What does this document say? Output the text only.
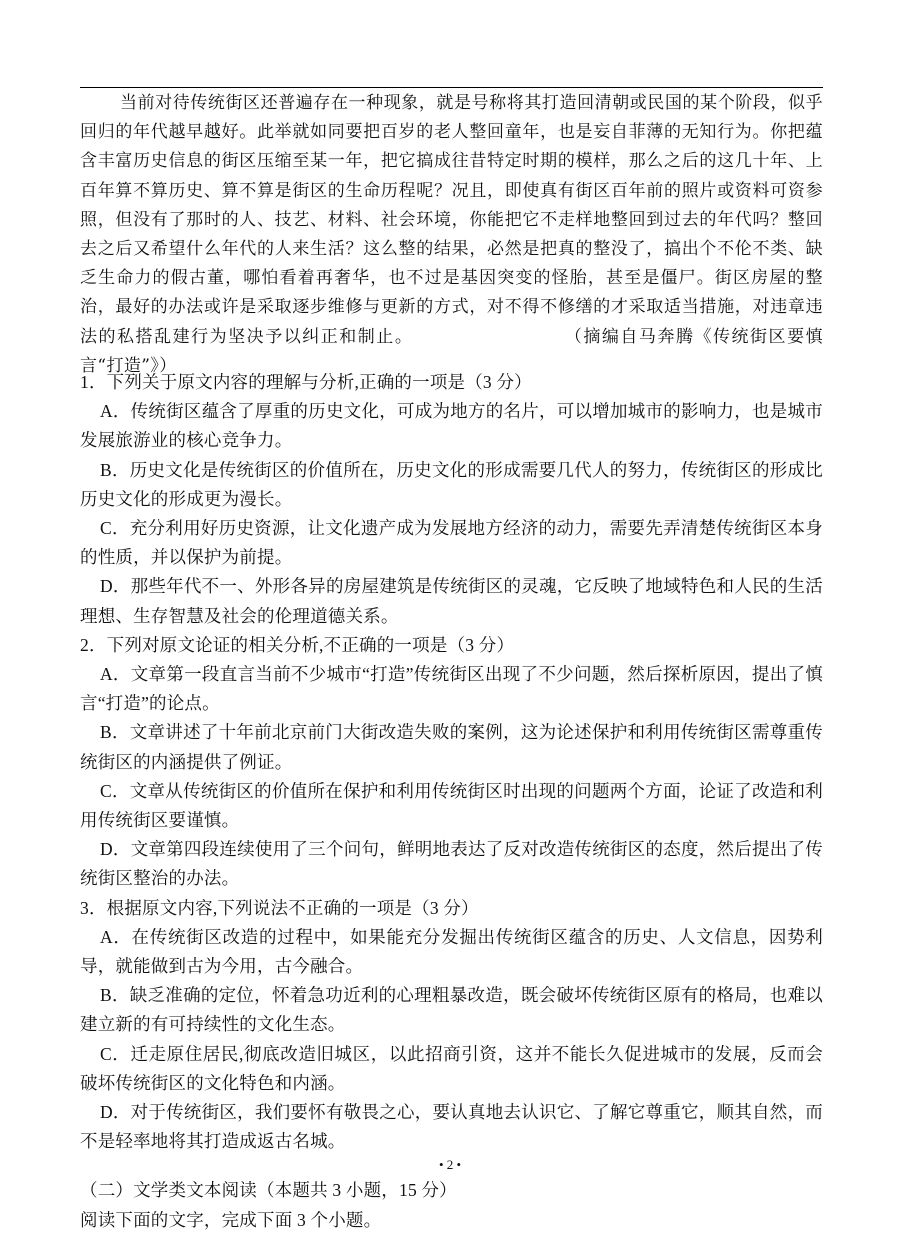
当前对待传统街区还普遍存在一种现象，就是号称将其打造回清朝或民国的某个阶段，似乎回归的年代越早越好。此举就如同要把百岁的老人整回童年，也是妄自菲薄的无知行为。你把蕴含丰富历史信息的街区压缩至某一年，把它搞成往昔特定时期的模样，那么之后的这几十年、上百年算不算历史、算不算是街区的生命历程呢？况且，即使真有街区百年前的照片或资料可资参照，但没有了那时的人、技艺、材料、社会环境，你能把它不走样地整回到过去的年代吗？整回去之后又希望什么年代的人来生活？这么整的结果，必然是把真的整没了，搞出个不伦不类、缺乏生命力的假古董，哪怕看着再奢华，也不过是基因突变的怪胎，甚至是僵尸。街区房屋的整治，最好的办法或许是采取逐步维修与更新的方式，对不得不修缮的才采取适当措施，对违章违法的私搭乱建行为坚决予以纠正和制止。	（摘编自马奔腾《传统街区要慎言“打造”》）

1．下列关于原文内容的理解与分析,正确的一项是（3 分）

A．传统街区蕴含了厚重的历史文化，可成为地方的名片，可以增加城市的影响力，也是城市发展旅游业的核心竞争力。

B．历史文化是传统街区的价值所在，历史文化的形成需要几代人的努力，传统街区的形成比历史文化的形成更为漫长。

C．充分利用好历史资源，让文化遗产成为发展地方经济的动力，需要先弄清楚传统街区本身的性质，并以保护为前提。

D．那些年代不一、外形各异的房屋建筑是传统街区的灵魂，它反映了地域特色和人民的生活理想、生存智慧及社会的伦理道德关系。

2．下列对原文论证的相关分析,不正确的一项是（3 分）

A．文章第一段直言当前不少城市“打造”传统街区出现了不少问题，然后探析原因，提出了慎言“打造”的论点。

B．文章讲述了十年前北京前门大街改造失败的案例，这为论述保护和利用传统街区需尊重传统街区的内涵提供了例证。

C．文章从传统街区的价值所在保护和利用传统街区时出现的问题两个方面，论证了改造和利用传统街区要谨慎。

D．文章第四段连续使用了三个问句，鲜明地表达了反对改造传统街区的态度，然后提出了传统街区整治的办法。

3．根据原文内容,下列说法不正确的一项是（3 分）

A．在传统街区改造的过程中，如果能充分发掘出传统街区蕴含的历史、人文信息，因势利导，就能做到古为今用，古今融合。

B．缺乏准确的定位，怀着急功近利的心理粗暴改造，既会破坏传统街区原有的格局，也难以建立新的有可持续性的文化生态。

C．迁走原住居民,彻底改造旧城区，以此招商引资，这并不能长久促进城市的发展，反而会破坏传统街区的文化特色和内涵。

D．对于传统街区，我们要怀有敬畏之心，要认真地去认识它、了解它尊重它，顺其自然，而不是轻率地将其打造成返古名城。

（二）文学类文本阅读（本题共 3 小题，15 分）

阅读下面的文字，完成下面 3 个小题。

• 2 •
